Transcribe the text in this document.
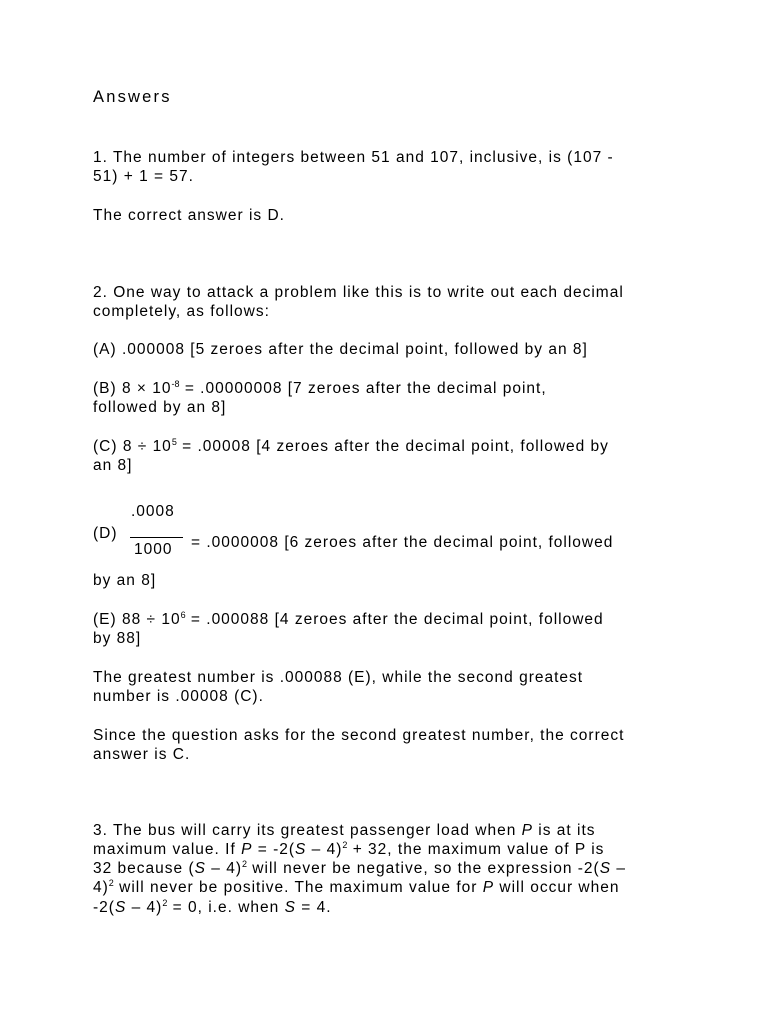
Answers

1. The number of integers between 51 and 107, inclusive, is (107 -

51) + 1 = 57.

The correct answer is D.

2. One way to attack a problem like this is to write out each decimal

completely, as follows:

(A) .000008 [5 zeroes after the decimal point, followed by an 8]

(B) $8 \times 10^{-8} = .00000008$ [7 zeroes after the decimal point,

followed by an 8]

(C) $8 \div 10^5 = .00008$ [4 zeroes after the decimal point, followed by

an 8]

(D)

.0008
1000 = .0000008 [6 zeroes after the decimal point, followed

by an 8]

(E) $88 \div 10^6 = .000088$ [4 zeroes after the decimal point, followed

by 88]

The greatest number is .000088 (E), while the second greatest

number is .00008 (C).

Since the question asks for the second greatest number, the correct

answer is C.

3. The bus will carry its greatest passenger load when P is at its

maximum value. If P = -2(S – 4)$^2$ + 32, the maximum value of P is

32 because (S – 4)$^2$ will never be negative, so the expression -2(S –

4)$^2$ will never be positive. The maximum value for P will occur when

-2(S – 4)$^2$ = 0, i.e. when S = 4.
